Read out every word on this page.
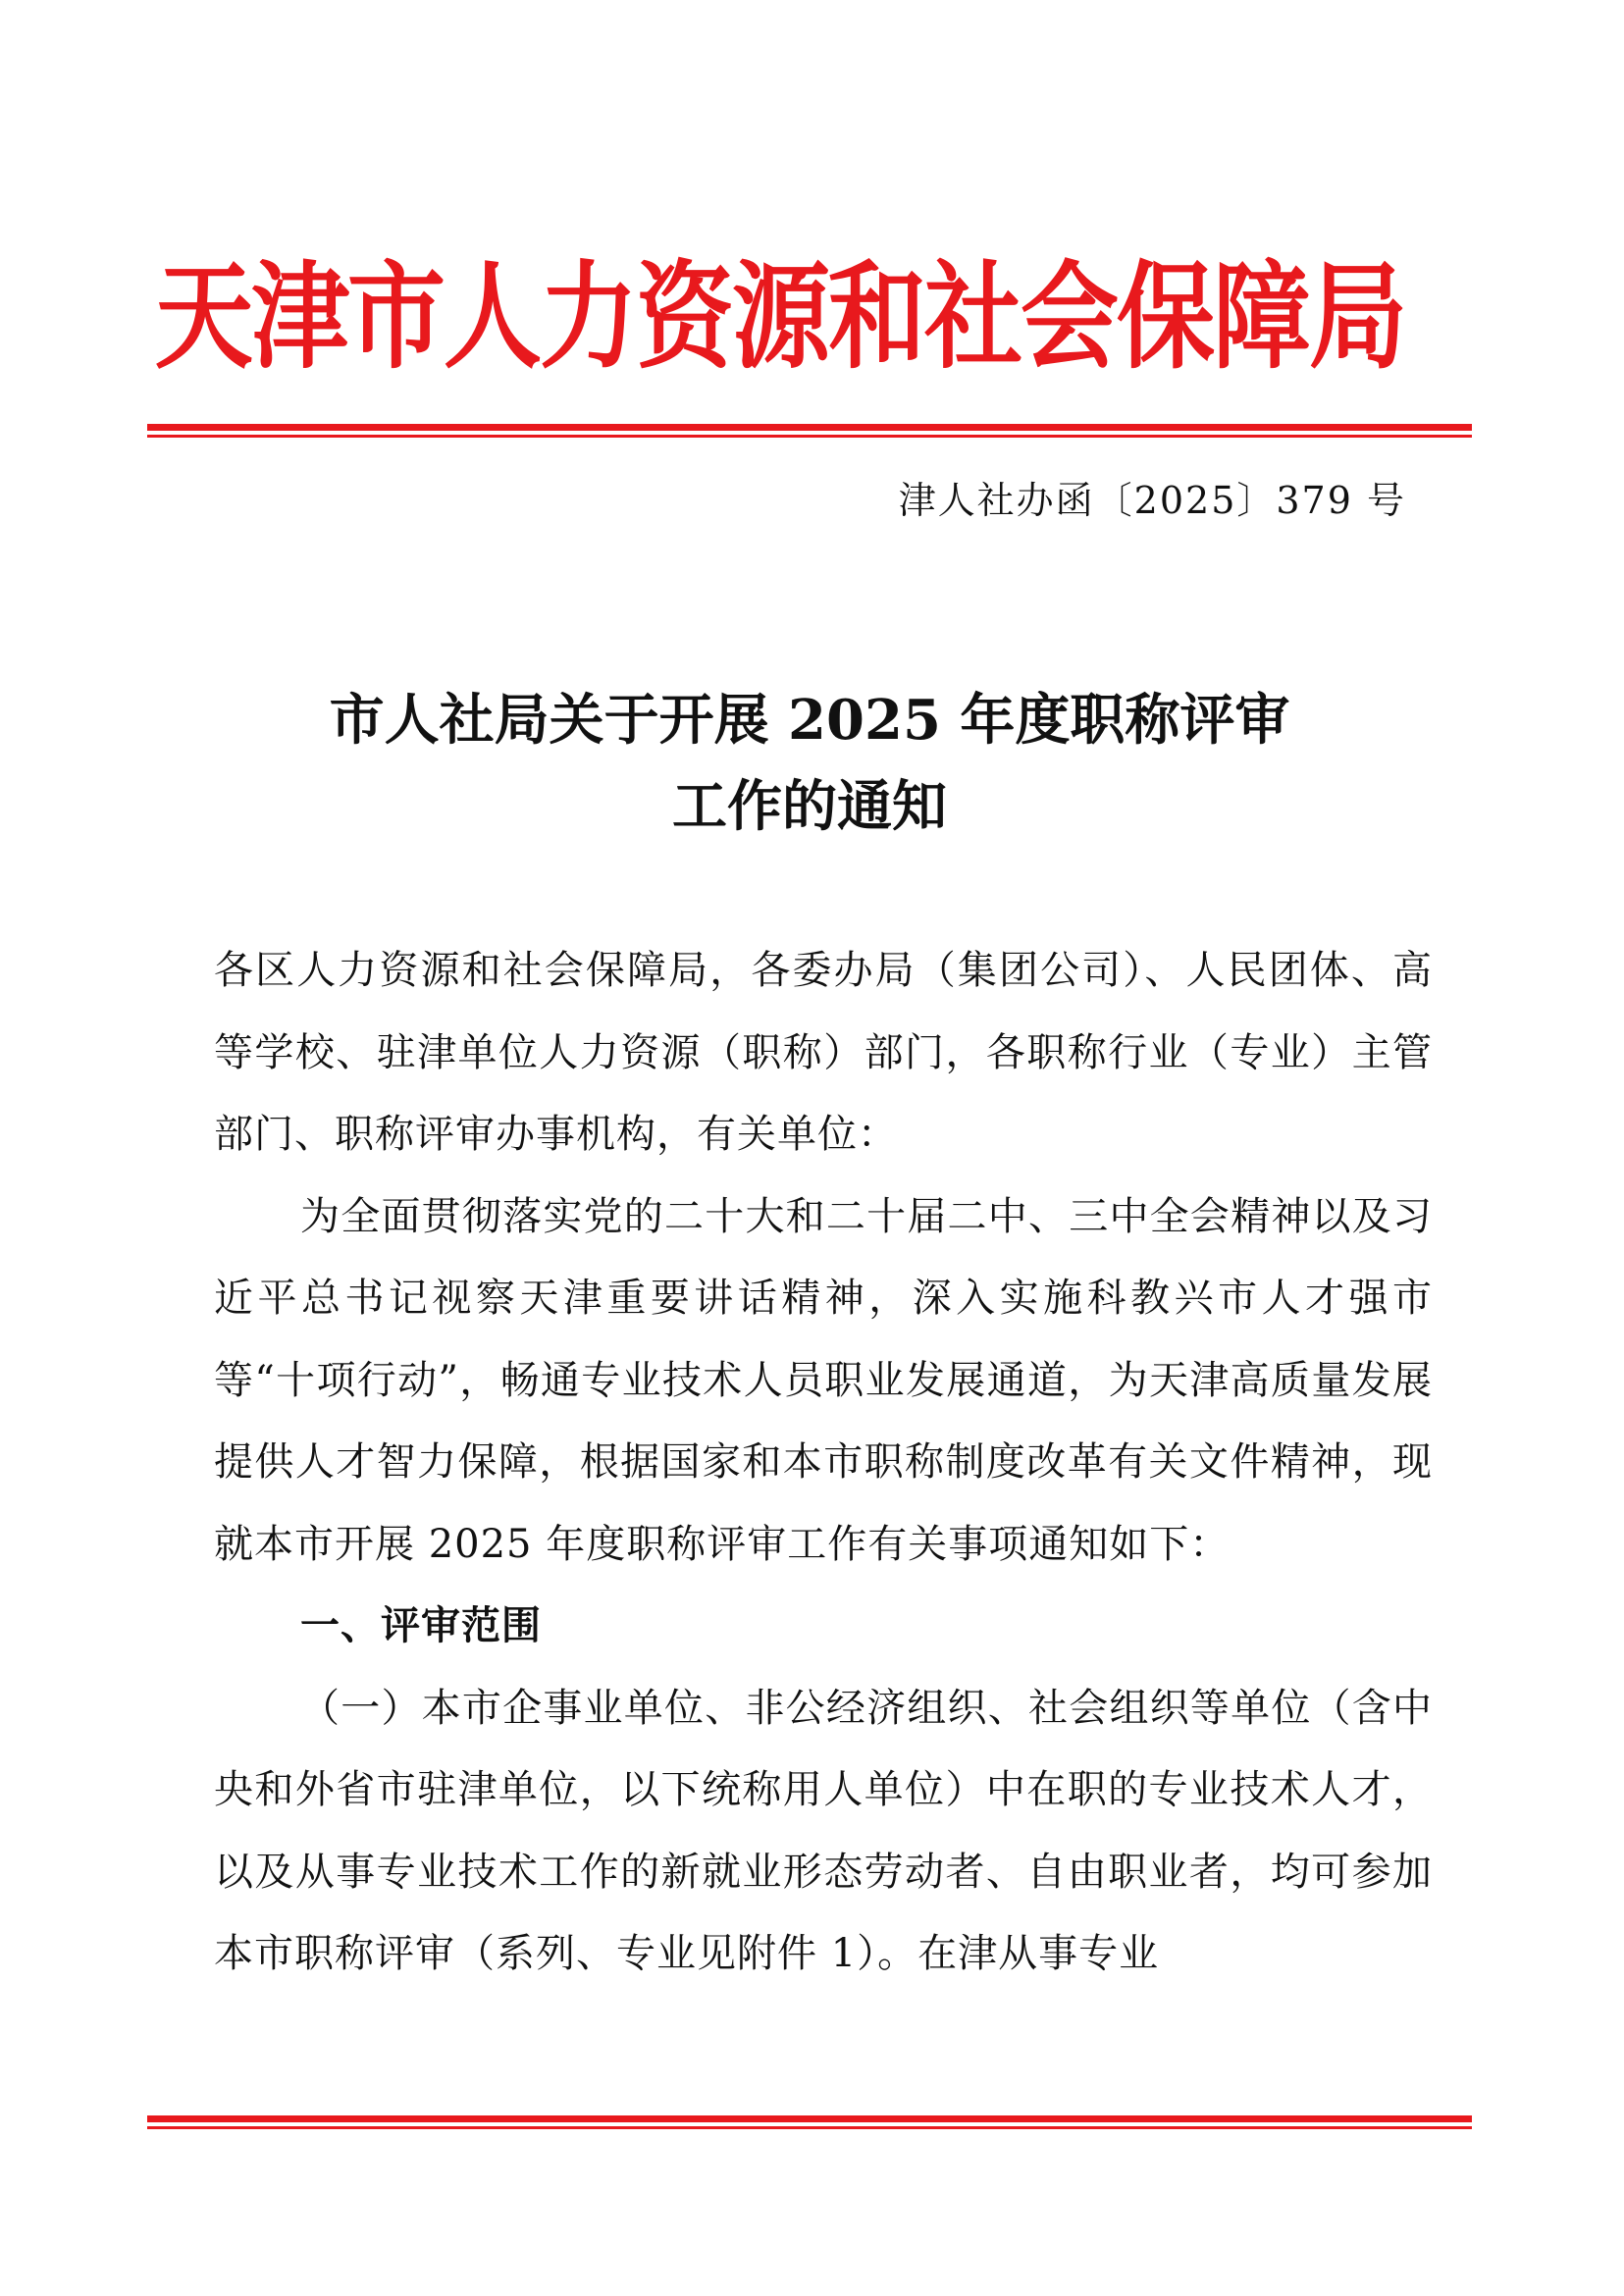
天津市人力资源和社会保障局
津人社办函〔2025〕379 号
市人社局关于开展 2025 年度职称评审
工作的通知

各区人力资源和社会保障局，各委办局（集团公司）、人民团体、高等学校、驻津单位人力资源（职称）部门，各职称行业（专业）主管部门、职称评审办事机构，有关单位：

为全面贯彻落实党的二十大和二十届二中、三中全会精神以及习近平总书记视察天津重要讲话精神，深入实施科教兴市人才强市等“十项行动”，畅通专业技术人员职业发展通道，为天津高质量发展提供人才智力保障，根据国家和本市职称制度改革有关文件精神，现就本市开展 2025 年度职称评审工作有关事项通知如下：

一、评审范围

（一）本市企事业单位、非公经济组织、社会组织等单位（含中央和外省市驻津单位，以下统称用人单位）中在职的专业技术人才，以及从事专业技术工作的新就业形态劳动者、自由职业者，均可参加本市职称评审（系列、专业见附件 1）。在津从事专业
